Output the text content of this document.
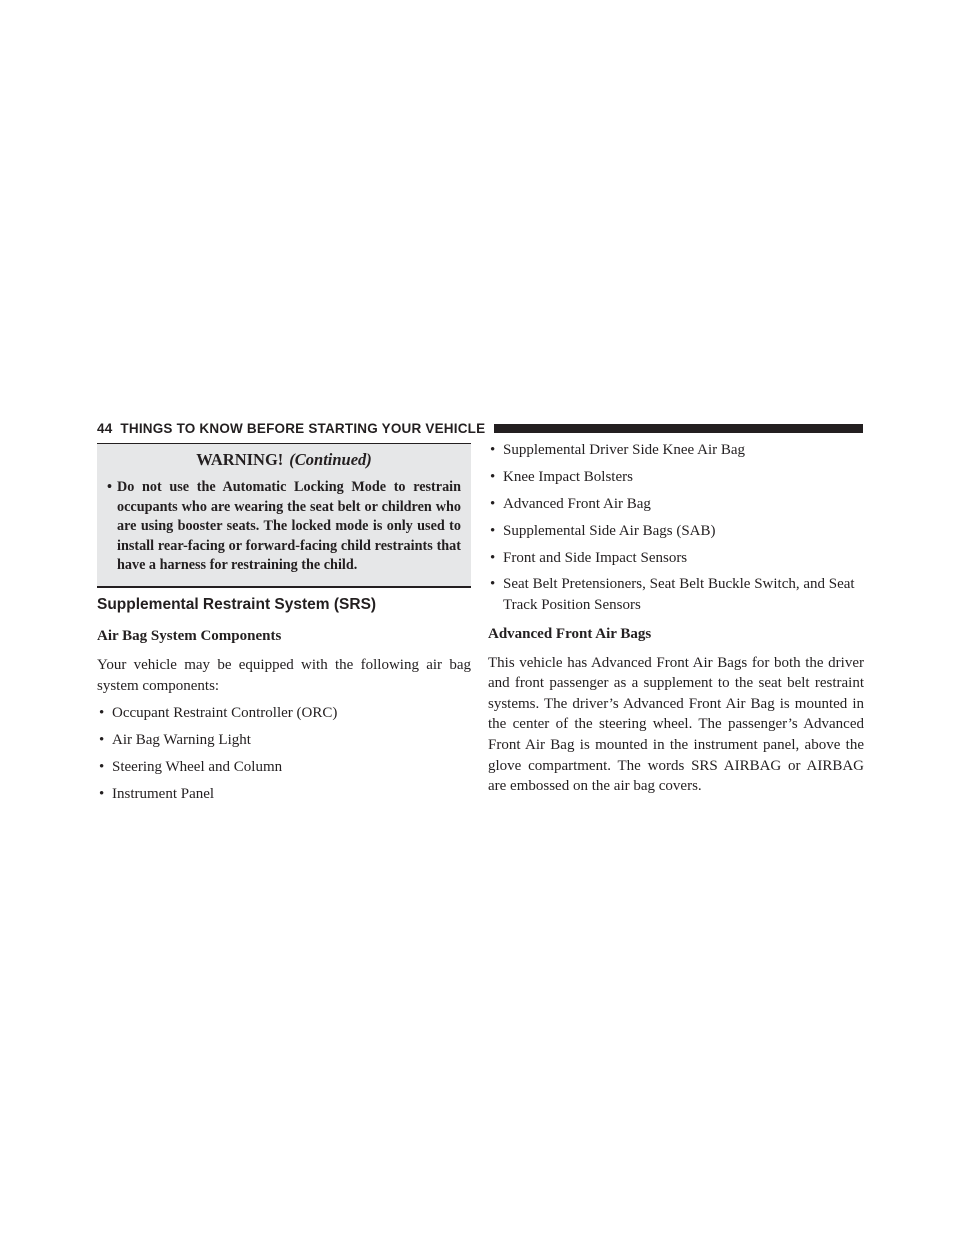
44 THINGS TO KNOW BEFORE STARTING YOUR VEHICLE
WARNING! (Continued)
• Do not use the Automatic Locking Mode to restrain occupants who are wearing the seat belt or children who are using booster seats. The locked mode is only used to install rear-facing or forward-facing child restraints that have a harness for restraining the child.
Supplemental Restraint System (SRS)
Air Bag System Components

Your vehicle may be equipped with the following air bag system components:

• Occupant Restraint Controller (ORC)
• Air Bag Warning Light
• Steering Wheel and Column
• Instrument Panel
• Supplemental Driver Side Knee Air Bag
• Knee Impact Bolsters
• Advanced Front Air Bag
• Supplemental Side Air Bags (SAB)
• Front and Side Impact Sensors
• Seat Belt Pretensioners, Seat Belt Buckle Switch, and Seat Track Position Sensors
Advanced Front Air Bags

This vehicle has Advanced Front Air Bags for both the driver and front passenger as a supplement to the seat belt restraint systems. The driver’s Advanced Front Air Bag is mounted in the center of the steering wheel. The passenger’s Advanced Front Air Bag is mounted in the instrument panel, above the glove compartment. The words SRS AIRBAG or AIRBAG are embossed on the air bag covers.
